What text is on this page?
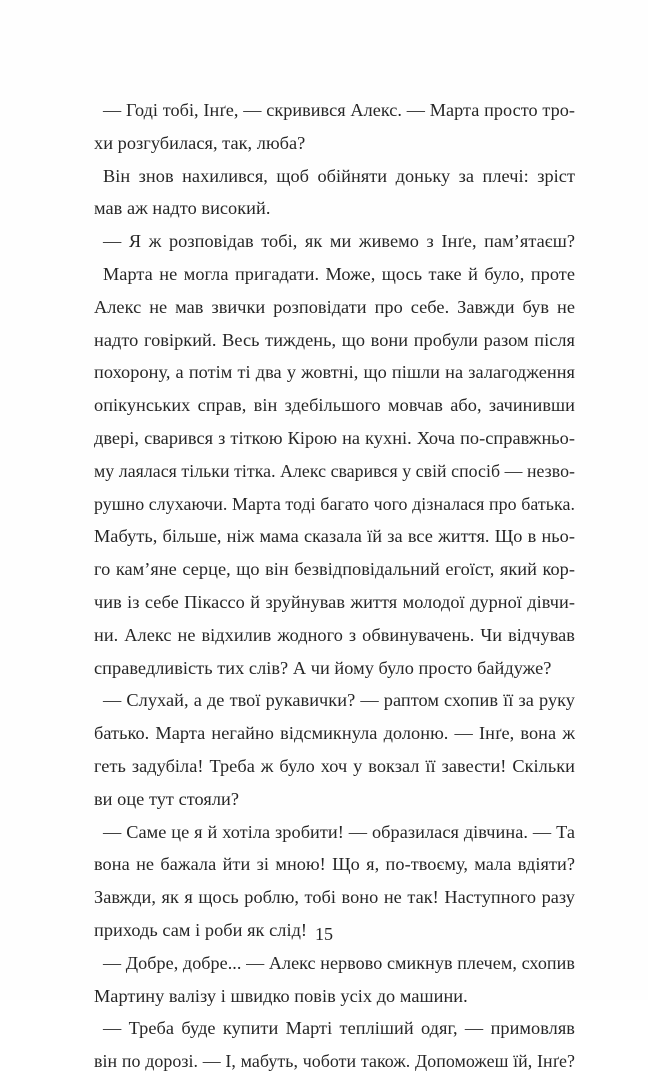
— Годі тобі, Інґе, — скривився Алекс. — Марта просто тро-
хи розгубилася, так, люба?
Він знов нахилився, щоб обійняти доньку за плечі: зріст
мав аж надто високий.
— Я ж розповідав тобі, як ми живемо з Інґе, пам’ятаєш?
Марта не могла пригадати. Може, щось таке й було, проте
Алекс не мав звички розповідати про себе. Завжди був не
надто говіркий. Весь тиждень, що вони пробули разом після
похорону, а потім ті два у жовтні, що пішли на залагодження
опікунських справ, він здебільшого мовчав або, зачинивши
двері, сварився з тіткою Кірою на кухні. Хоча по-справжньо-
му лаялася тільки тітка. Алекс сварився у свій спосіб — незво-
рушно слухаючи. Марта тоді багато чого дізналася про батька.
Мабуть, більше, ніж мама сказала їй за все життя. Що в ньо-
го кам’яне серце, що він безвідповідальний егоїст, який кор-
чив із себе Пікассо й зруйнував життя молодої дурної дівчи-
ни. Алекс не відхилив жодного з обвинувачень. Чи відчував
справедливість тих слів? А чи йому було просто байдуже?
— Слухай, а де твої рукавички? — раптом схопив її за руку
батько. Марта негайно відсмикнула долоню. — Інґе, вона ж
геть задубіла! Треба ж було хоч у вокзал її завести! Скільки
ви оце тут стояли?
— Саме це я й хотіла зробити! — образилася дівчина. — Та
вона не бажала йти зі мною! Що я, по-твоєму, мала вдіяти?
Завжди, як я щось роблю, тобі воно не так! Наступного разу
приходь сам і роби як слід!
— Добре, добре... — Алекс нервово смикнув плечем, схопив
Мартину валізу і швидко повів усіх до машини.
— Треба буде купити Марті тепліший одяг, — примовляв
він по дорозі. — І, мабуть, чоботи також. Допоможеш їй, Інґе?
15
